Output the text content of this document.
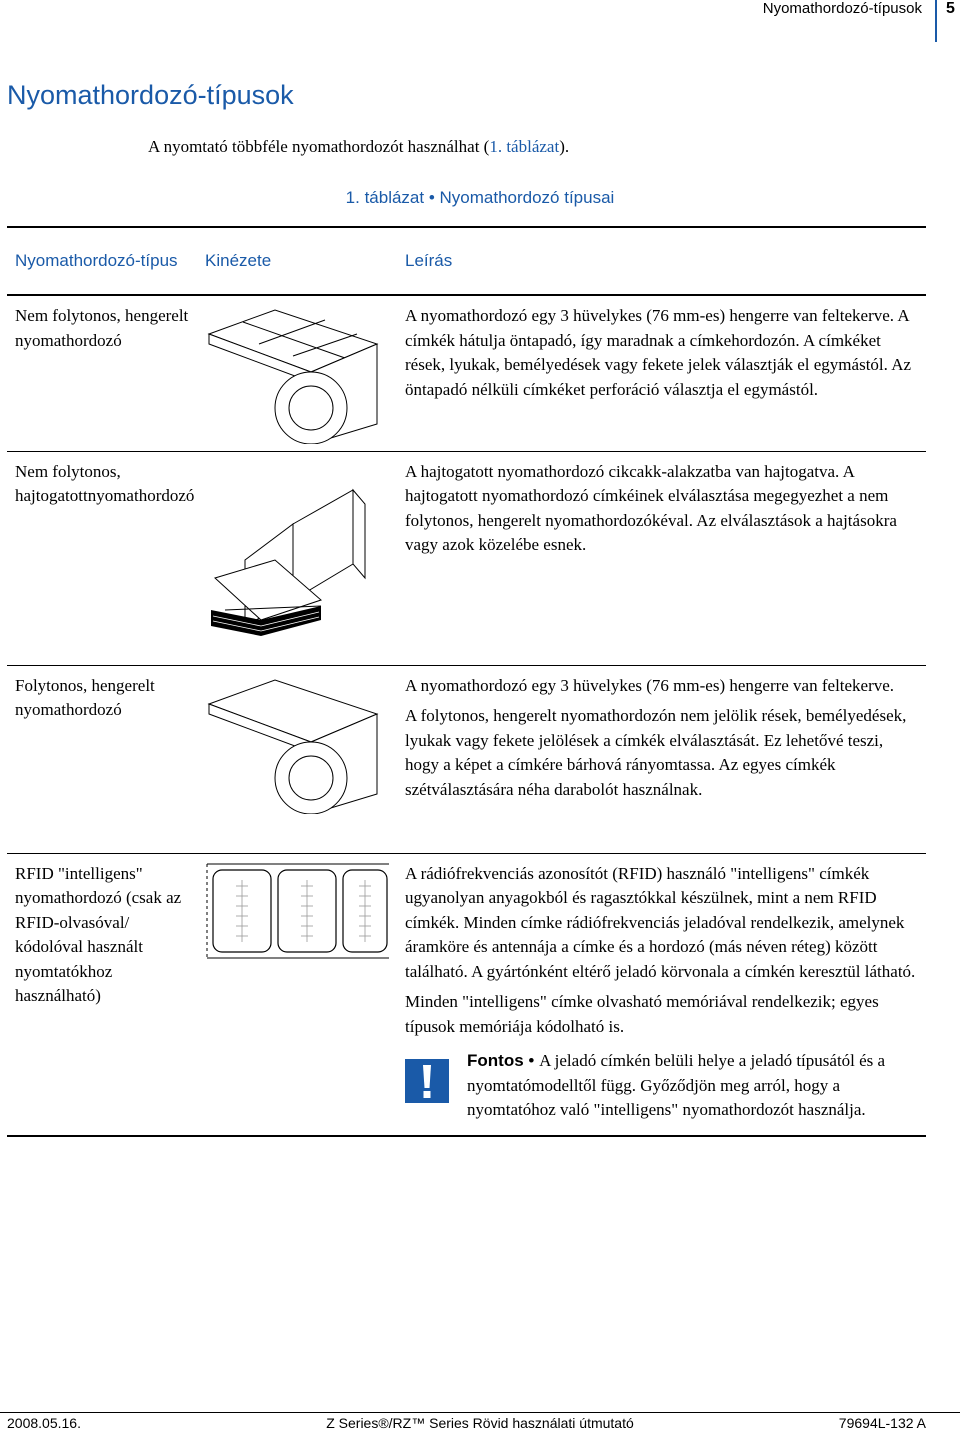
Nyomathordozó-típusok 5
Nyomathordozó-típusok

A nyomtató többféle nyomathordozót használhat (1. táblázat).

1. táblázat • Nyomathordozó típusai
Nyomathordozó-típus	Kinézete	Leírás
Nem folytonos, hengerelt nyomathordozó		A nyomathordozó egy 3 hüvelykes (76 mm-es) hengerre van feltekerve. A címkék hátulja öntapadó, így maradnak a címkehordozón. A címkéket rések, lyukak, bemélyedések vagy fekete jelek választják el egymástól. Az öntapadó nélküli címkéket perforáció választja el egymástól.

Nem folytonos, hajtogatottnyomathordozó		A hajtogatott nyomathordozó cikcakk-alakzatba van hajtogatva. A hajtogatott nyomathordozó címkéinek elválasztása megegyezhet a nem folytonos, hengerelt nyomathordozókéval. Az elválasztások a hajtásokra vagy azok közelébe esnek.

Folytonos, hengerelt nyomathordozó		A nyomathordozó egy 3 hüvelykes (76 mm-es) hengerre van feltekerve.

A folytonos, hengerelt nyomathordozón nem jelölik rések, bemélyedések, lyukak vagy fekete jelölések a címkék elválasztását. Ez lehetővé teszi, hogy a képet a címkére bárhová rányomtassa. Az egyes címkék szétválasztására néha darabolót használnak.

RFID "intelligens" nyomathordozó (csak az RFID-olvasóval/ kódolóval használt nyomtatókhoz használható)		A rádiófrekvenciás azonosítót (RFID) használó "intelligens" címkék ugyanolyan anyagokból és ragasztókkal készülnek, mint a nem RFID címkék. Minden címke rádiófrekvenciás jeladóval rendelkezik, amelynek áramköre és antennája a címke és a hordozó (más néven réteg) között található. A gyártónként eltérő jeladó körvonala a címkén keresztül látható.

Minden "intelligens" címke olvasható memóriával rendelkezik; egyes típusok memóriája kódolható is.

Fontos • A jeladó címkén belüli helye a jeladó típusától és a nyomtatómodelltől függ. Győződjön meg arról, hogy a nyomtatóhoz való "intelligens" nyomathordozót használja.
2008.05.16.	Z Series®/RZ™ Series Rövid használati útmutató	79694L-132 A
